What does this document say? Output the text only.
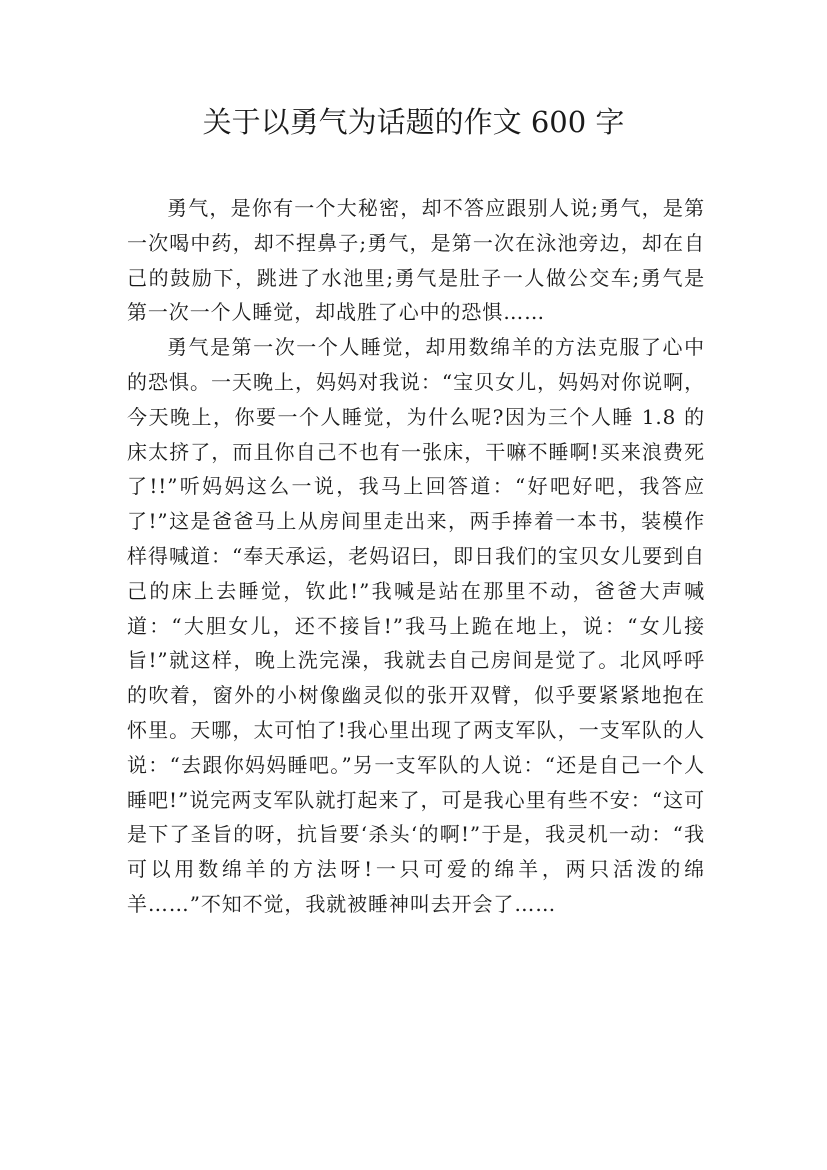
关于以勇气为话题的作文 600 字

勇气，是你有一个大秘密，却不答应跟别人说;勇气，是第一次喝中药，却不捏鼻子;勇气，是第一次在泳池旁边，却在自己的鼓励下，跳进了水池里;勇气是肚子一人做公交车;勇气是第一次一个人睡觉，却战胜了心中的恐惧……

勇气是第一次一个人睡觉，却用数绵羊的方法克服了心中的恐惧。一天晚上，妈妈对我说：“宝贝女儿，妈妈对你说啊，今天晚上，你要一个人睡觉，为什么呢?因为三个人睡 1.8 的床太挤了，而且你自己不也有一张床，干嘛不睡啊!买来浪费死了!!”听妈妈这么一说，我马上回答道：“好吧好吧，我答应了!”这是爸爸马上从房间里走出来，两手捧着一本书，装模作样得喊道：“奉天承运，老妈诏曰，即日我们的宝贝女儿要到自己的床上去睡觉，钦此!”我喊是站在那里不动，爸爸大声喊道：“大胆女儿，还不接旨!”我马上跪在地上，说：“女儿接旨!”就这样，晚上洗完澡，我就去自己房间是觉了。北风呼呼的吹着，窗外的小树像幽灵似的张开双臂，似乎要紧紧地抱在怀里。天哪，太可怕了!我心里出现了两支军队，一支军队的人说：“去跟你妈妈睡吧。”另一支军队的人说：“还是自己一个人睡吧!”说完两支军队就打起来了，可是我心里有些不安：“这可是下了圣旨的呀，抗旨要‘杀头‘的啊!”于是，我灵机一动：“我可以用数绵羊的方法呀!一只可爱的绵羊，两只活泼的绵羊……”不知不觉，我就被睡神叫去开会了……
